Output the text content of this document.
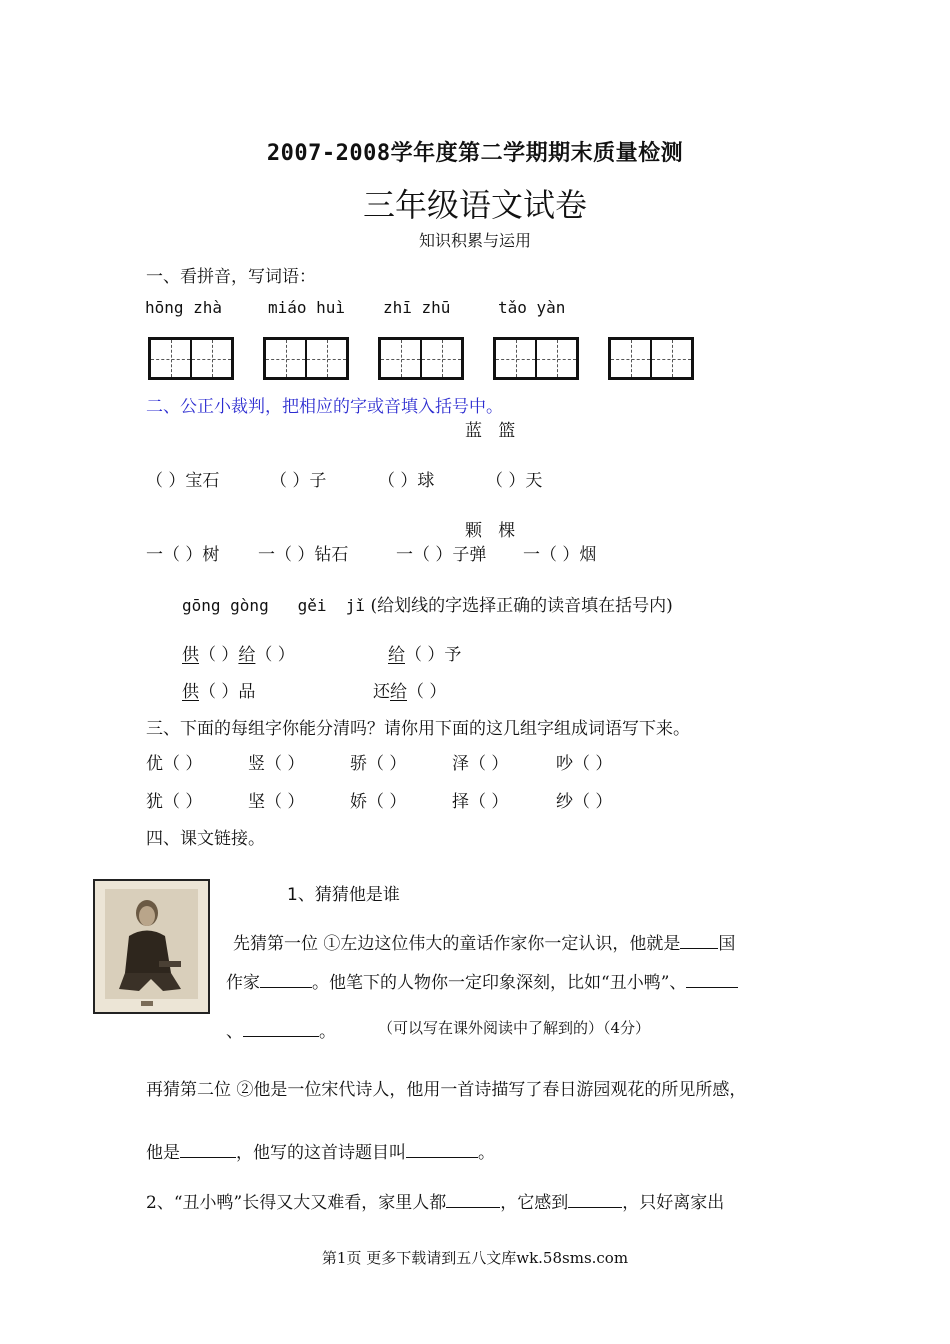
2007-2008学年度第二学期期末质量检测
三年级语文试卷
知识积累与运用
一、看拼音，写词语：
hōng zhà	miáo huì zhī zhū	tǎo yàn
二、公正小裁判，把相应的字或音填入括号中。
蓝   篮
（ ）宝石	（ ）子	（ ）球	（ ）天
颗   棵
一（ ）树 一（ ）钻石	一（ ）子弹 一（ ）烟
gōng gòng   gěi  jǐ (给划线的字选择正确的读音填在括号内)
供（ ）给（ ）	给（ ）予
供（ ）品	还给（ ）
三、下面的每组字你能分清吗？请你用下面的这几组字组成词语写下来。
优（ ）	竖（ ）	骄（ ）	泽（ ）	吵（ ）
犹（ ）	坚（ ）	娇（ ）	择（ ）	纱（ ）
四、课文链接。
1、猜猜他是谁
先猜第一位 ①左边这位伟大的童话作家你一定认识，他就是 国
作家	。他笔下的人物你一定印象深刻，比如“丑小鸭”、
、	。	（可以写在课外阅读中了解到的）（4分）
再猜第二位 ②他是一位宋代诗人，他用一首诗描写了春日游园观花的所见所感，
他是	，他写的这首诗题目叫	。
2、“丑小鸭”长得又大又难看，家里人都	，它感到	，只好离家出
第1页 更多下载请到五八文库wk.58sms.com
